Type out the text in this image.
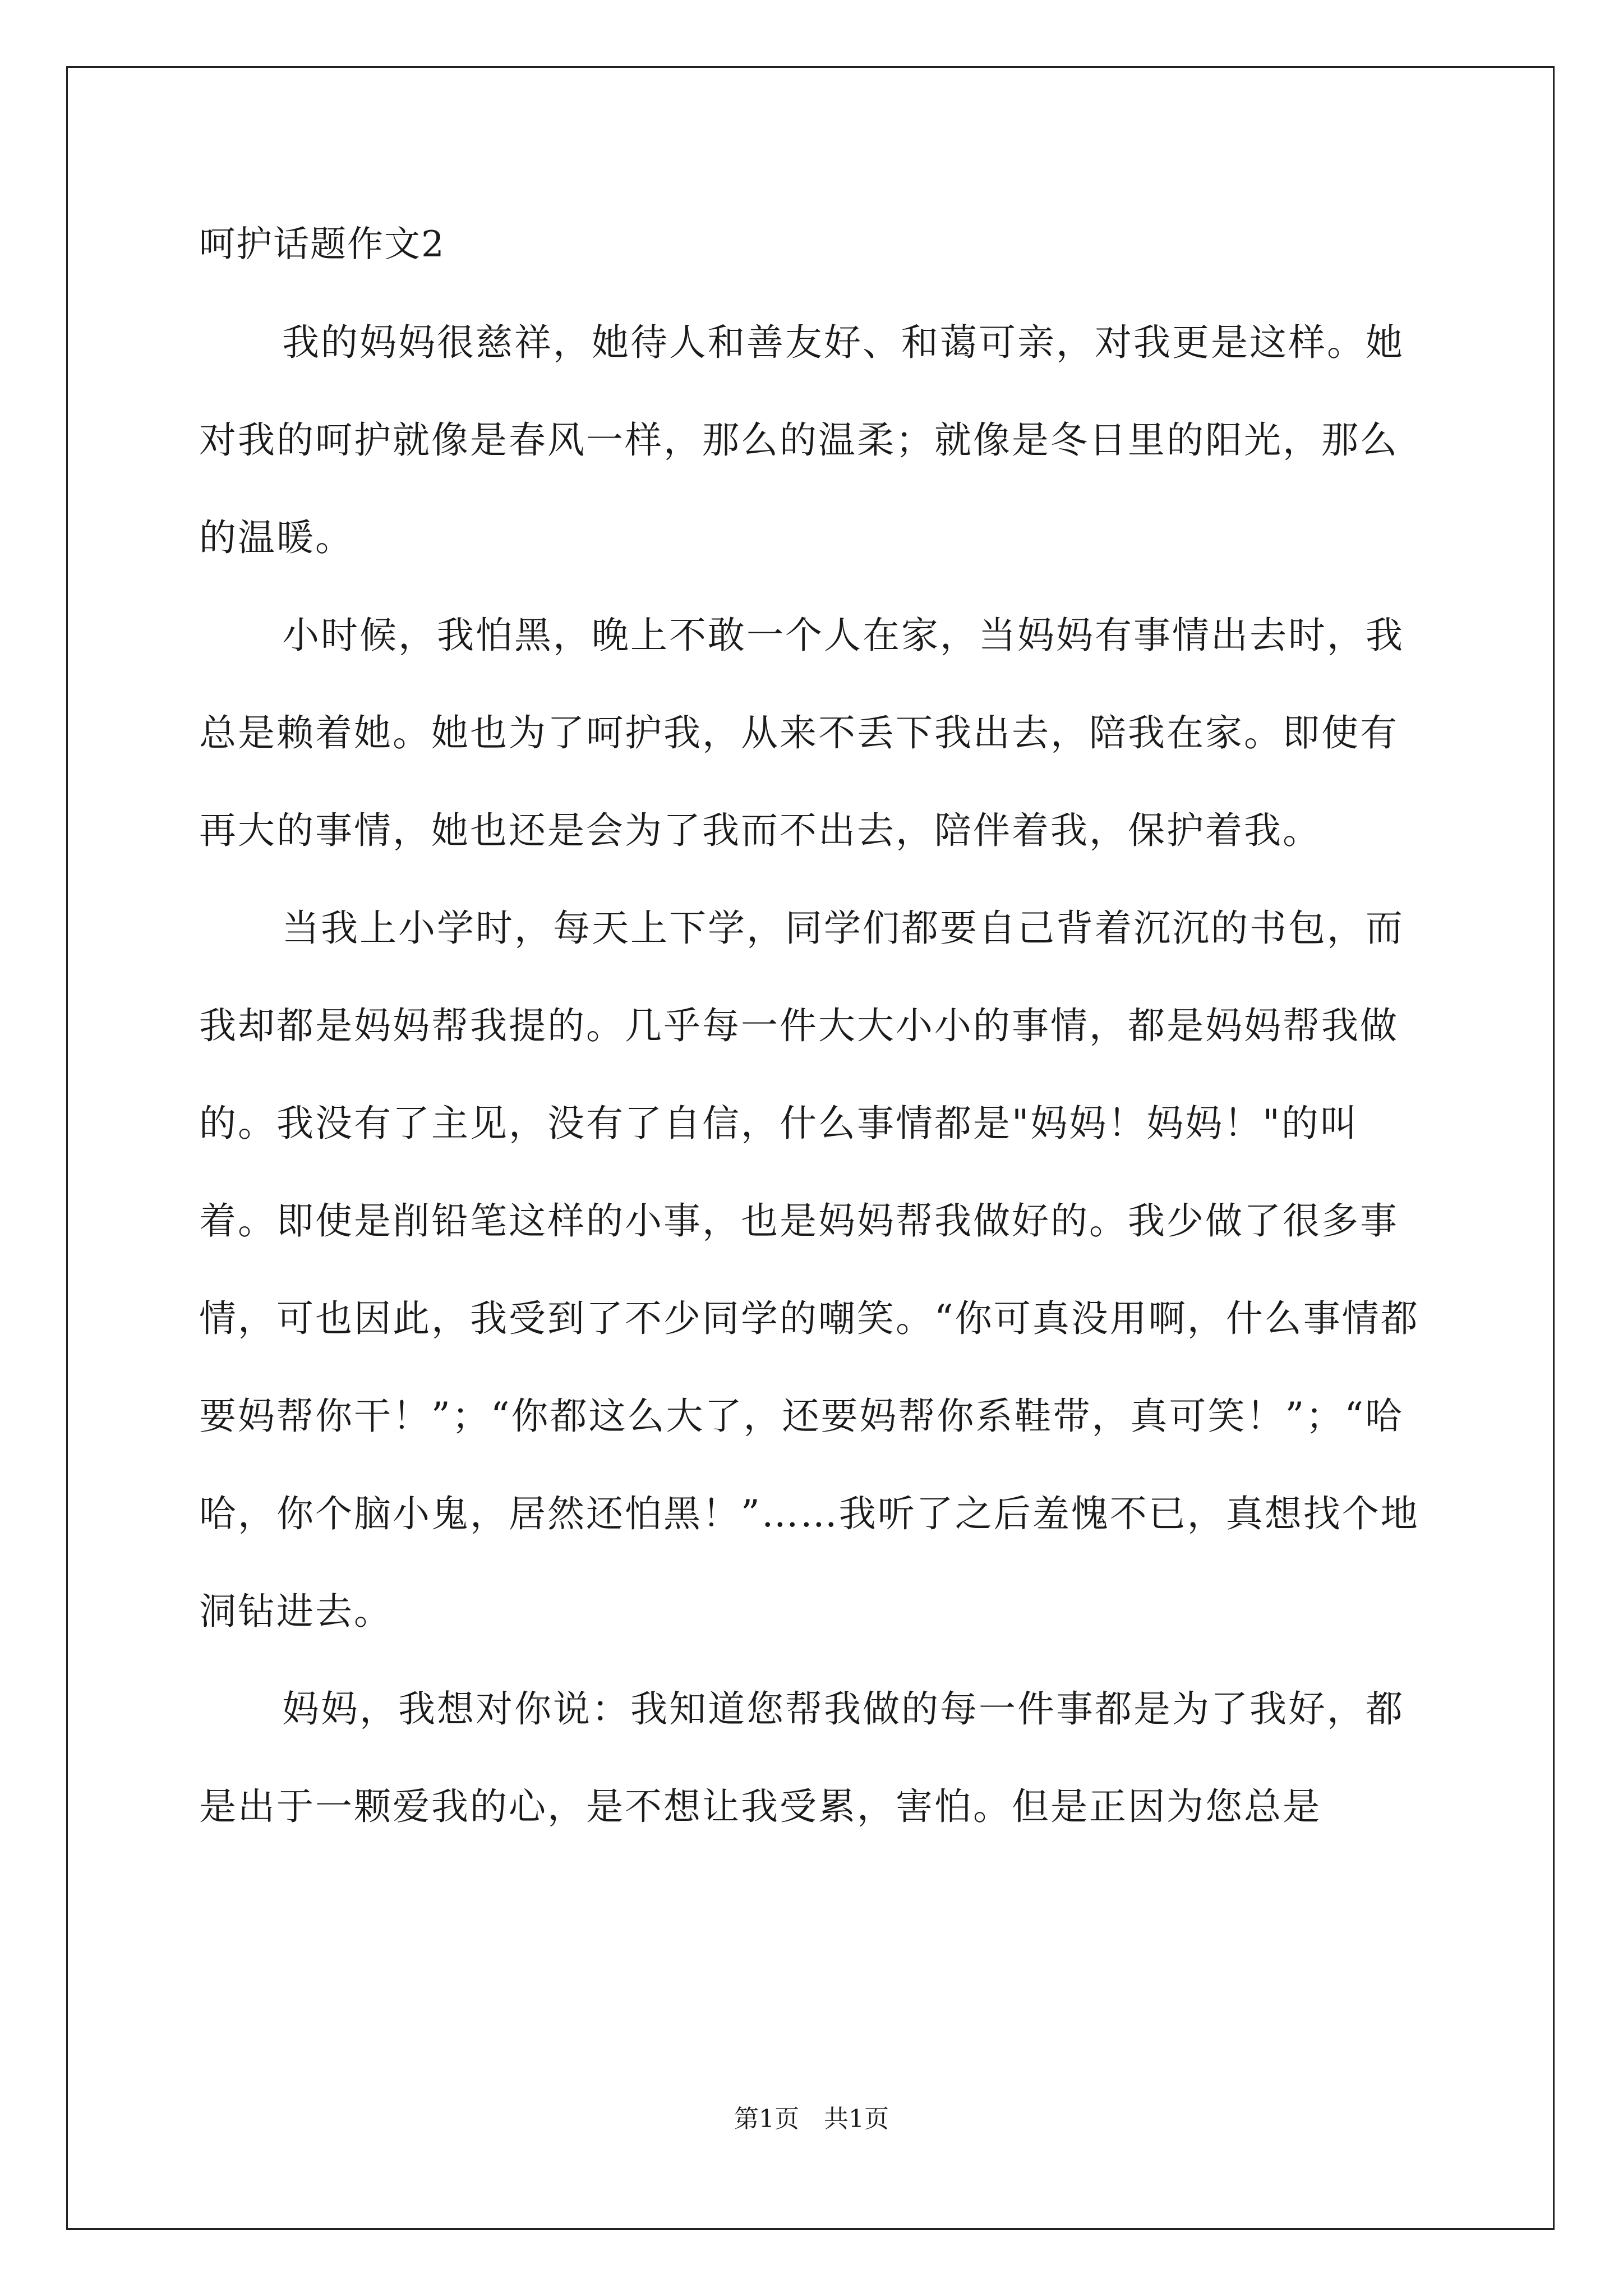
呵护话题作文2

我的妈妈很慈祥，她待人和善友好、和蔼可亲，对我更是这样。她对我的呵护就像是春风一样，那么的温柔；就像是冬日里的阳光，那么的温暖。

小时候，我怕黑，晚上不敢一个人在家，当妈妈有事情出去时，我总是赖着她。她也为了呵护我，从来不丢下我出去，陪我在家。即使有再大的事情，她也还是会为了我而不出去，陪伴着我，保护着我。

当我上小学时，每天上下学，同学们都要自己背着沉沉的书包，而我却都是妈妈帮我提的。几乎每一件大大小小的事情，都是妈妈帮我做的。我没有了主见，没有了自信，什么事情都是"妈妈！妈妈！"的叫着。即使是削铅笔这样的小事，也是妈妈帮我做好的。我少做了很多事情，可也因此，我受到了不少同学的嘲笑。“你可真没用啊，什么事情都要妈帮你干！”；“你都这么大了，还要妈帮你系鞋带，真可笑！”；“哈哈，你个脑小鬼，居然还怕黑！”……我听了之后羞愧不已，真想找个地洞钻进去。

妈妈，我想对你说：我知道您帮我做的每一件事都是为了我好，都是出于一颗爱我的心，是不想让我受累，害怕。但是正因为您总是

第1页　共1页
